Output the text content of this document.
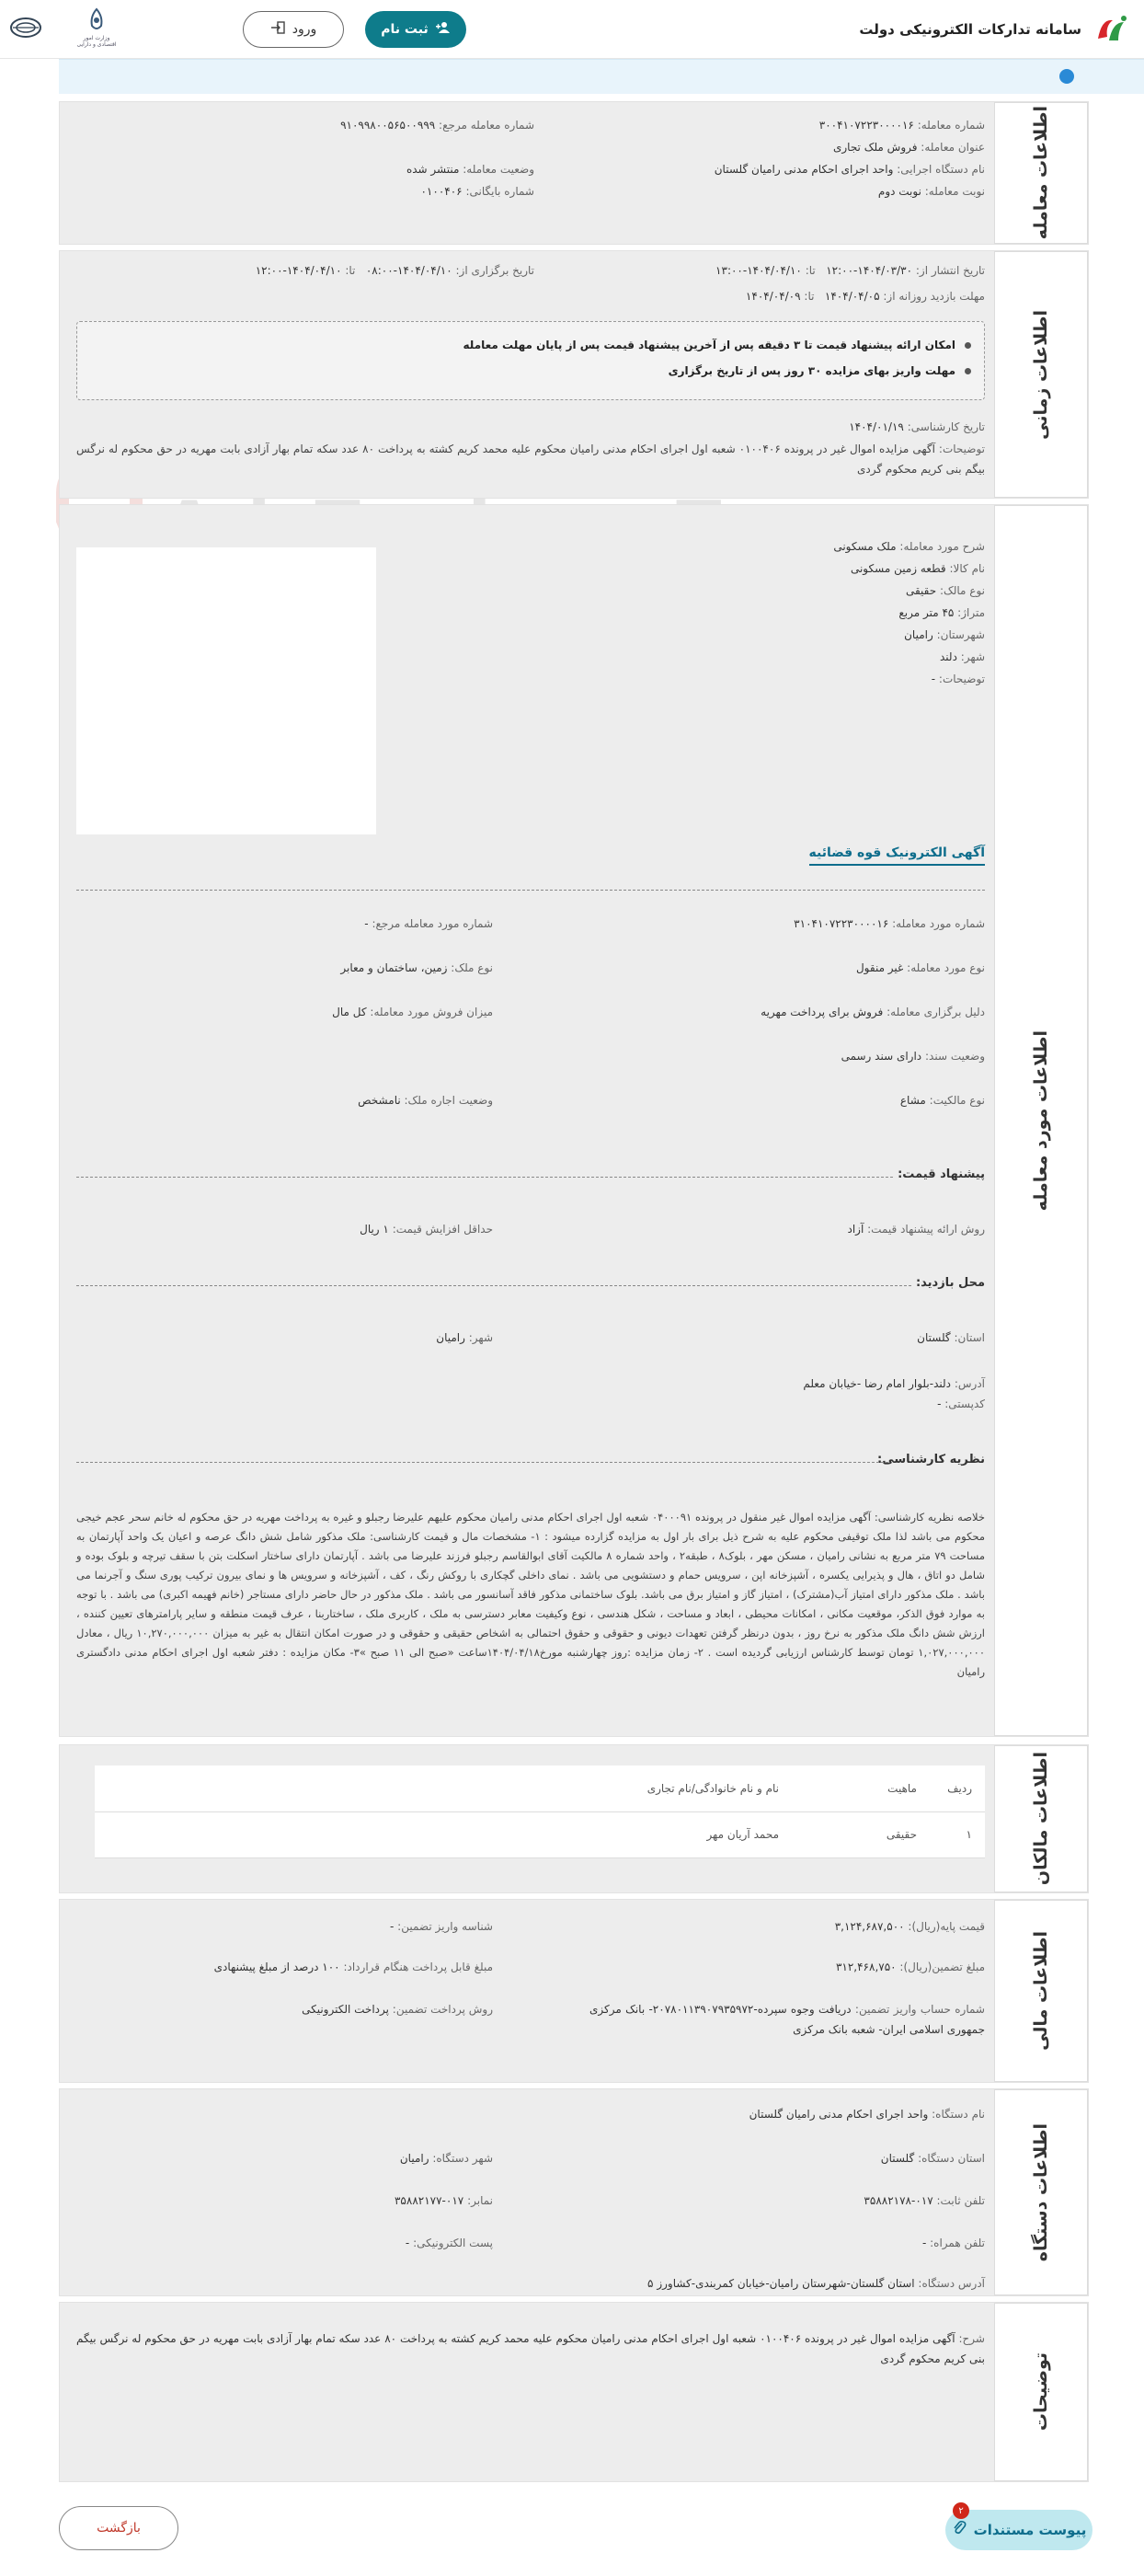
سامانه تدارکات الکترونیکی دولت
ثبت نام
ورود
وزارت امور اقتصادی و دارایی
اطلاعات معامله
شماره معامله: ۳۰۰۴۱۰۷۲۲۳۰۰۰۰۱۶
شماره معامله مرجع: ۹۱۰۹۹۸۰۰۵۶۵۰۰۹۹۹
عنوان معامله: فروش ملک تجاری
نام دستگاه اجرایی: واحد اجرای احکام مدنی رامیان گلستان
وضعیت معامله: منتشر شده
نوبت معامله: نوبت دوم
شماره بایگانی: ۰۱۰۰۴۰۶
اطلاعات زمانی
تاریخ انتشار از: ۱۴۰۴/۰۳/۳۰-۱۲:۰۰   تا: ۱۴۰۴/۰۴/۱۰-۱۳:۰۰
تاریخ برگزاری از: ۱۴۰۴/۰۴/۱۰-۰۸:۰۰   تا: ۱۴۰۴/۰۴/۱۰-۱۲:۰۰
مهلت بازدید روزانه از: ۱۴۰۴/۰۴/۰۵   تا: ۱۴۰۴/۰۴/۰۹
امکان ارائه پیشنهاد قیمت تا ۳ دقیقه پس از آخرین پیشنهاد قیمت پس از پایان مهلت معامله
مهلت واریز بهای مزایده ۳۰ روز پس از تاریخ برگزاری
تاریخ کارشناسی: ۱۴۰۴/۰۱/۱۹
توضیحات: آگهی مزایده اموال غیر در پرونده ۰۱۰۰۴۰۶ شعبه اول اجرای احکام مدنی رامیان محکوم علیه محمد کریم کشته به پرداخت ۸۰ عدد سکه تمام بهار آزادی بابت مهریه در حق محکوم له نرگس بیگم بنی کریم محکوم گردی
اطلاعات مورد معامله
شرح مورد معامله: ملک مسکونی
نام کالا: قطعه زمین مسکونی
نوع مالک: حقیقی
متراژ: ۴۵ متر مربع
شهرستان: رامیان
شهر: دلند
توضیحات: -
آگهی الکترونیک قوه قضائیه
شماره مورد معامله: ۳۱۰۴۱۰۷۲۲۳۰۰۰۰۱۶
شماره مورد معامله مرجع: -
نوع مورد معامله: غیر منقول
نوع ملک: زمین، ساختمان و معابر
دلیل برگزاری معامله: فروش برای پرداخت مهریه
میزان فروش مورد معامله: کل مال
وضعیت سند: دارای سند رسمی
نوع مالکیت: مشاع
وضعیت اجاره ملک: نامشخص
پیشنهاد قیمت:
روش ارائه پیشنهاد قیمت: آزاد
حداقل افزایش قیمت: ۱ ریال
محل بازدید:
استان: گلستان
شهر: رامیان
آدرس: دلند-بلوار امام رضا -خیابان معلم
کدپستی: -
نظریه کارشناسی:
خلاصه نظریه کارشناسی: آگهی مزایده اموال غیر منقول در پرونده ۰۴۰۰۰۹۱ شعبه اول اجرای احکام مدنی رامیان محکوم علیهم علیرضا رجبلو و غیره به پرداخت مهریه در حق محکوم له خانم سحر عجم خیجی محکوم می باشد لذا ملک توقیفی محکوم علیه به شرح ذیل برای بار اول به مزایده گزارده میشود : ۱- مشخصات مال و قیمت کارشناسی: ملک مذکور شامل شش دانگ عرصه و اعیان یک واحد آپارتمان به مساحت ۷۹ متر مربع به نشانی رامیان ، مسکن مهر ، بلوک۸ ، طبقه۲ ، واحد شماره ۸ مالکیت آقای ابوالقاسم رجبلو فرزند علیرضا می باشد . آپارتمان دارای ساختار اسکلت بتن با سقف تیرچه و بلوک بوده و شامل دو اتاق ، هال و پذیرایی یکسره ، آشپزخانه اپن ، سرویس حمام و دستشویی می باشد . نمای داخلی گچکاری با روکش رنگ ، کف ، آشپزخانه و سرویس ها و نمای بیرون ترکیب پوری سنگ و آجرنما می باشد . ملک مذکور دارای امتیاز آب(مشترک) ، امتیاز گاز و امتیاز برق می باشد. بلوک ساختمانی مذکور فاقد آسانسور می باشد . ملک مذکور در حال حاضر دارای مستاجر (خانم فهیمه اکبری) می باشد . با توجه به موارد فوق الذکر، موقعیت مکانی ، امکانات محیطی ، ابعاد و مساحت ، شکل هندسی ، نوع وکیفیت معابر دسترسی به ملک ، کاربری ملک ، ساختاربنا ، عرف قیمت منطقه و سایر پارامترهای تعیین کننده ، ارزش شش دانگ ملک مذکور به نرخ روز ، بدون درنظر گرفتن تعهدات دیونی و حقوقی و حقوق احتمالی به اشخاص حقیقی و حقوقی و در صورت امکان انتقال به غیر به میزان ۱۰,۲۷۰,۰۰۰,۰۰۰ ریال ، معادل ۱,۰۲۷,۰۰۰,۰۰۰ تومان توسط کارشناس ارزیابی گردیده است . ۲- زمان مزایده :روز چهارشنبه مورخ۱۴۰۴/۰۴/۱۸ساعت «صبح الی ۱۱ صبح »۳- مکان مزایده : دفتر شعبه اول اجرای احکام مدنی دادگستری رامیان
اطلاعات مالکان
ردیف	ماهیت	نام و نام خانوادگی/نام تجاری
۱	حقیقی	محمد آریان مهر
اطلاعات مالی
قیمت پایه(ریال): ۳,۱۲۴,۶۸۷,۵۰۰
شناسه واریز تضمین: -
مبلغ تضمین(ریال): ۳۱۲,۴۶۸,۷۵۰
مبلغ قابل پرداخت هنگام قرارداد: ۱۰۰ درصد از مبلغ پیشنهادی
شماره حساب واریز تضمین: دریافت وجوه سپرده-۲۰۷۸۰۱۱۳۹۰۷۹۳۵۹۷۲- بانک مرکزی جمهوری اسلامی ایران- شعبه بانک مرکزی
روش پرداخت تضمین: پرداخت الکترونیکی
اطلاعات دستگاه
نام دستگاه: واحد اجرای احکام مدنی رامیان گلستان
استان دستگاه: گلستان
شهر دستگاه: رامیان
تلفن ثابت: ۰۱۷-۳۵۸۸۲۱۷۸
نمابر: ۰۱۷-۳۵۸۸۲۱۷۷
تلفن همراه: -
پست الکترونیکی: -
آدرس دستگاه: استان گلستان-شهرستان رامیان-خیابان کمربندی-کشاورز ۵
توضیحات
شرح: آگهی مزایده اموال غیر در پرونده ۰۱۰۰۴۰۶ شعبه اول اجرای احکام مدنی رامیان محکوم علیه محمد کریم کشته به پرداخت ۸۰ عدد سکه تمام بهار آزادی بابت مهریه در حق محکوم له نرگس بیگم بنی کریم محکوم گردی
پیوست مستندات
۲
بازگشت
